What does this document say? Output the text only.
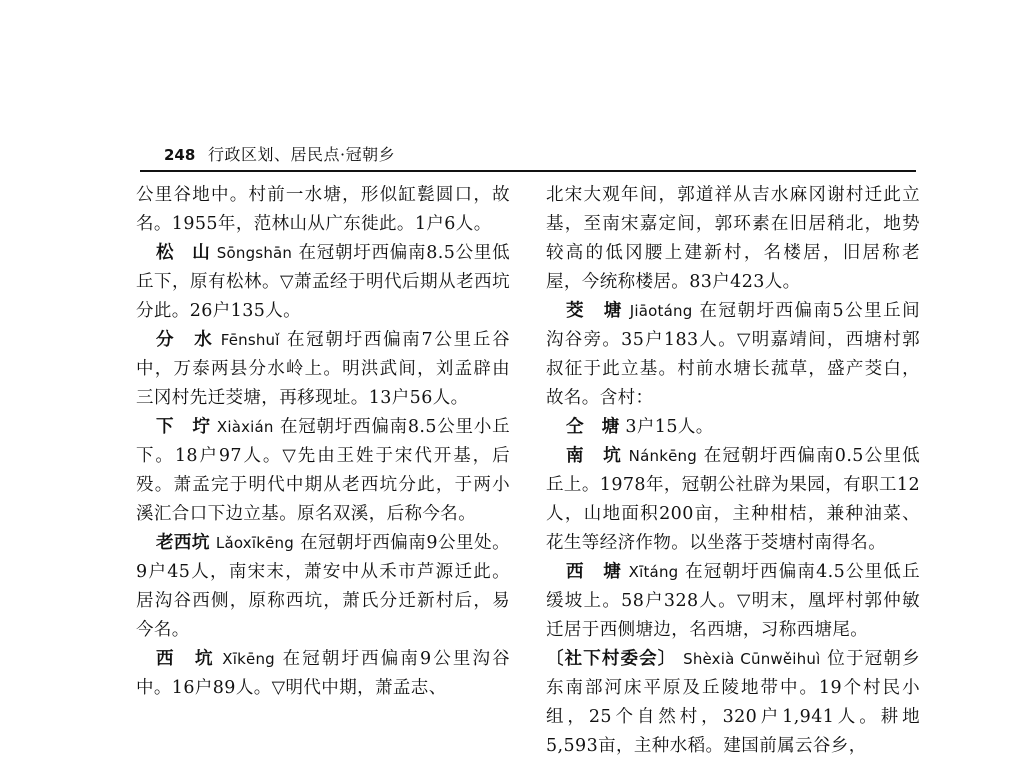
248 行政区划、居民点·冠朝乡

公里谷地中。村前一水塘，形似缸甏圆口，故名。1955年，范林山从广东徙此。1户6人。

松　山 Sōngshān 在冠朝圩西偏南8.5公里低丘下，原有松林。▽萧孟经于明代后期从老西坑分此。26户135人。

分　水 Fēnshuǐ 在冠朝圩西偏南7公里丘谷中，万泰两县分水岭上。明洪武间，刘孟辟由三冈村先迁茭塘，再移现址。13户56人。

下　坾 Xiàxián 在冠朝圩西偏南8.5公里小丘下。18户97人。▽先由王姓于宋代开基，后殁。萧孟完于明代中期从老西坑分此，于两小溪汇合口下边立基。原名双溪，后称今名。

老西坑 Lǎoxīkēng 在冠朝圩西偏南9公里处。9户45人，南宋末，萧安中从禾市芦源迁此。居沟谷西侧，原称西坑，萧氏分迁新村后，易今名。

西　坑 Xīkēng 在冠朝圩西偏南9公里沟谷中。16户89人。▽明代中期，萧孟志、

北宋大观年间，郭道祥从吉水麻冈谢村迁此立基，至南宋嘉定间，郭环素在旧居稍北，地势较高的低冈腰上建新村，名楼居，旧居称老屋，今统称楼居。83户423人。

茭　塘 Jiāotáng 在冠朝圩西偏南5公里丘间沟谷旁。35户183人。▽明嘉靖间，西塘村郭叔征于此立基。村前水塘长菰草，盛产茭白，故名。含村：

仝　塘 3户15人。

南　坑 Nánkēng 在冠朝圩西偏南0.5公里低丘上。1978年，冠朝公社辟为果园，有职工12人，山地面积200亩，主种柑桔，兼种油菜、花生等经济作物。以坐落于茭塘村南得名。

西　塘 Xītáng 在冠朝圩西偏南4.5公里低丘缓坡上。58户328人。▽明末，凰坪村郭仲敏迁居于西侧塘边，名西塘，习称西塘尾。

〔社下村委会〕 Shèxià Cūnwěihuì 位于冠朝乡东南部河床平原及丘陵地带中。19个村民小组，25个自然村，320户1,941人。耕地5,593亩，主种水稻。建国前属云谷乡，
